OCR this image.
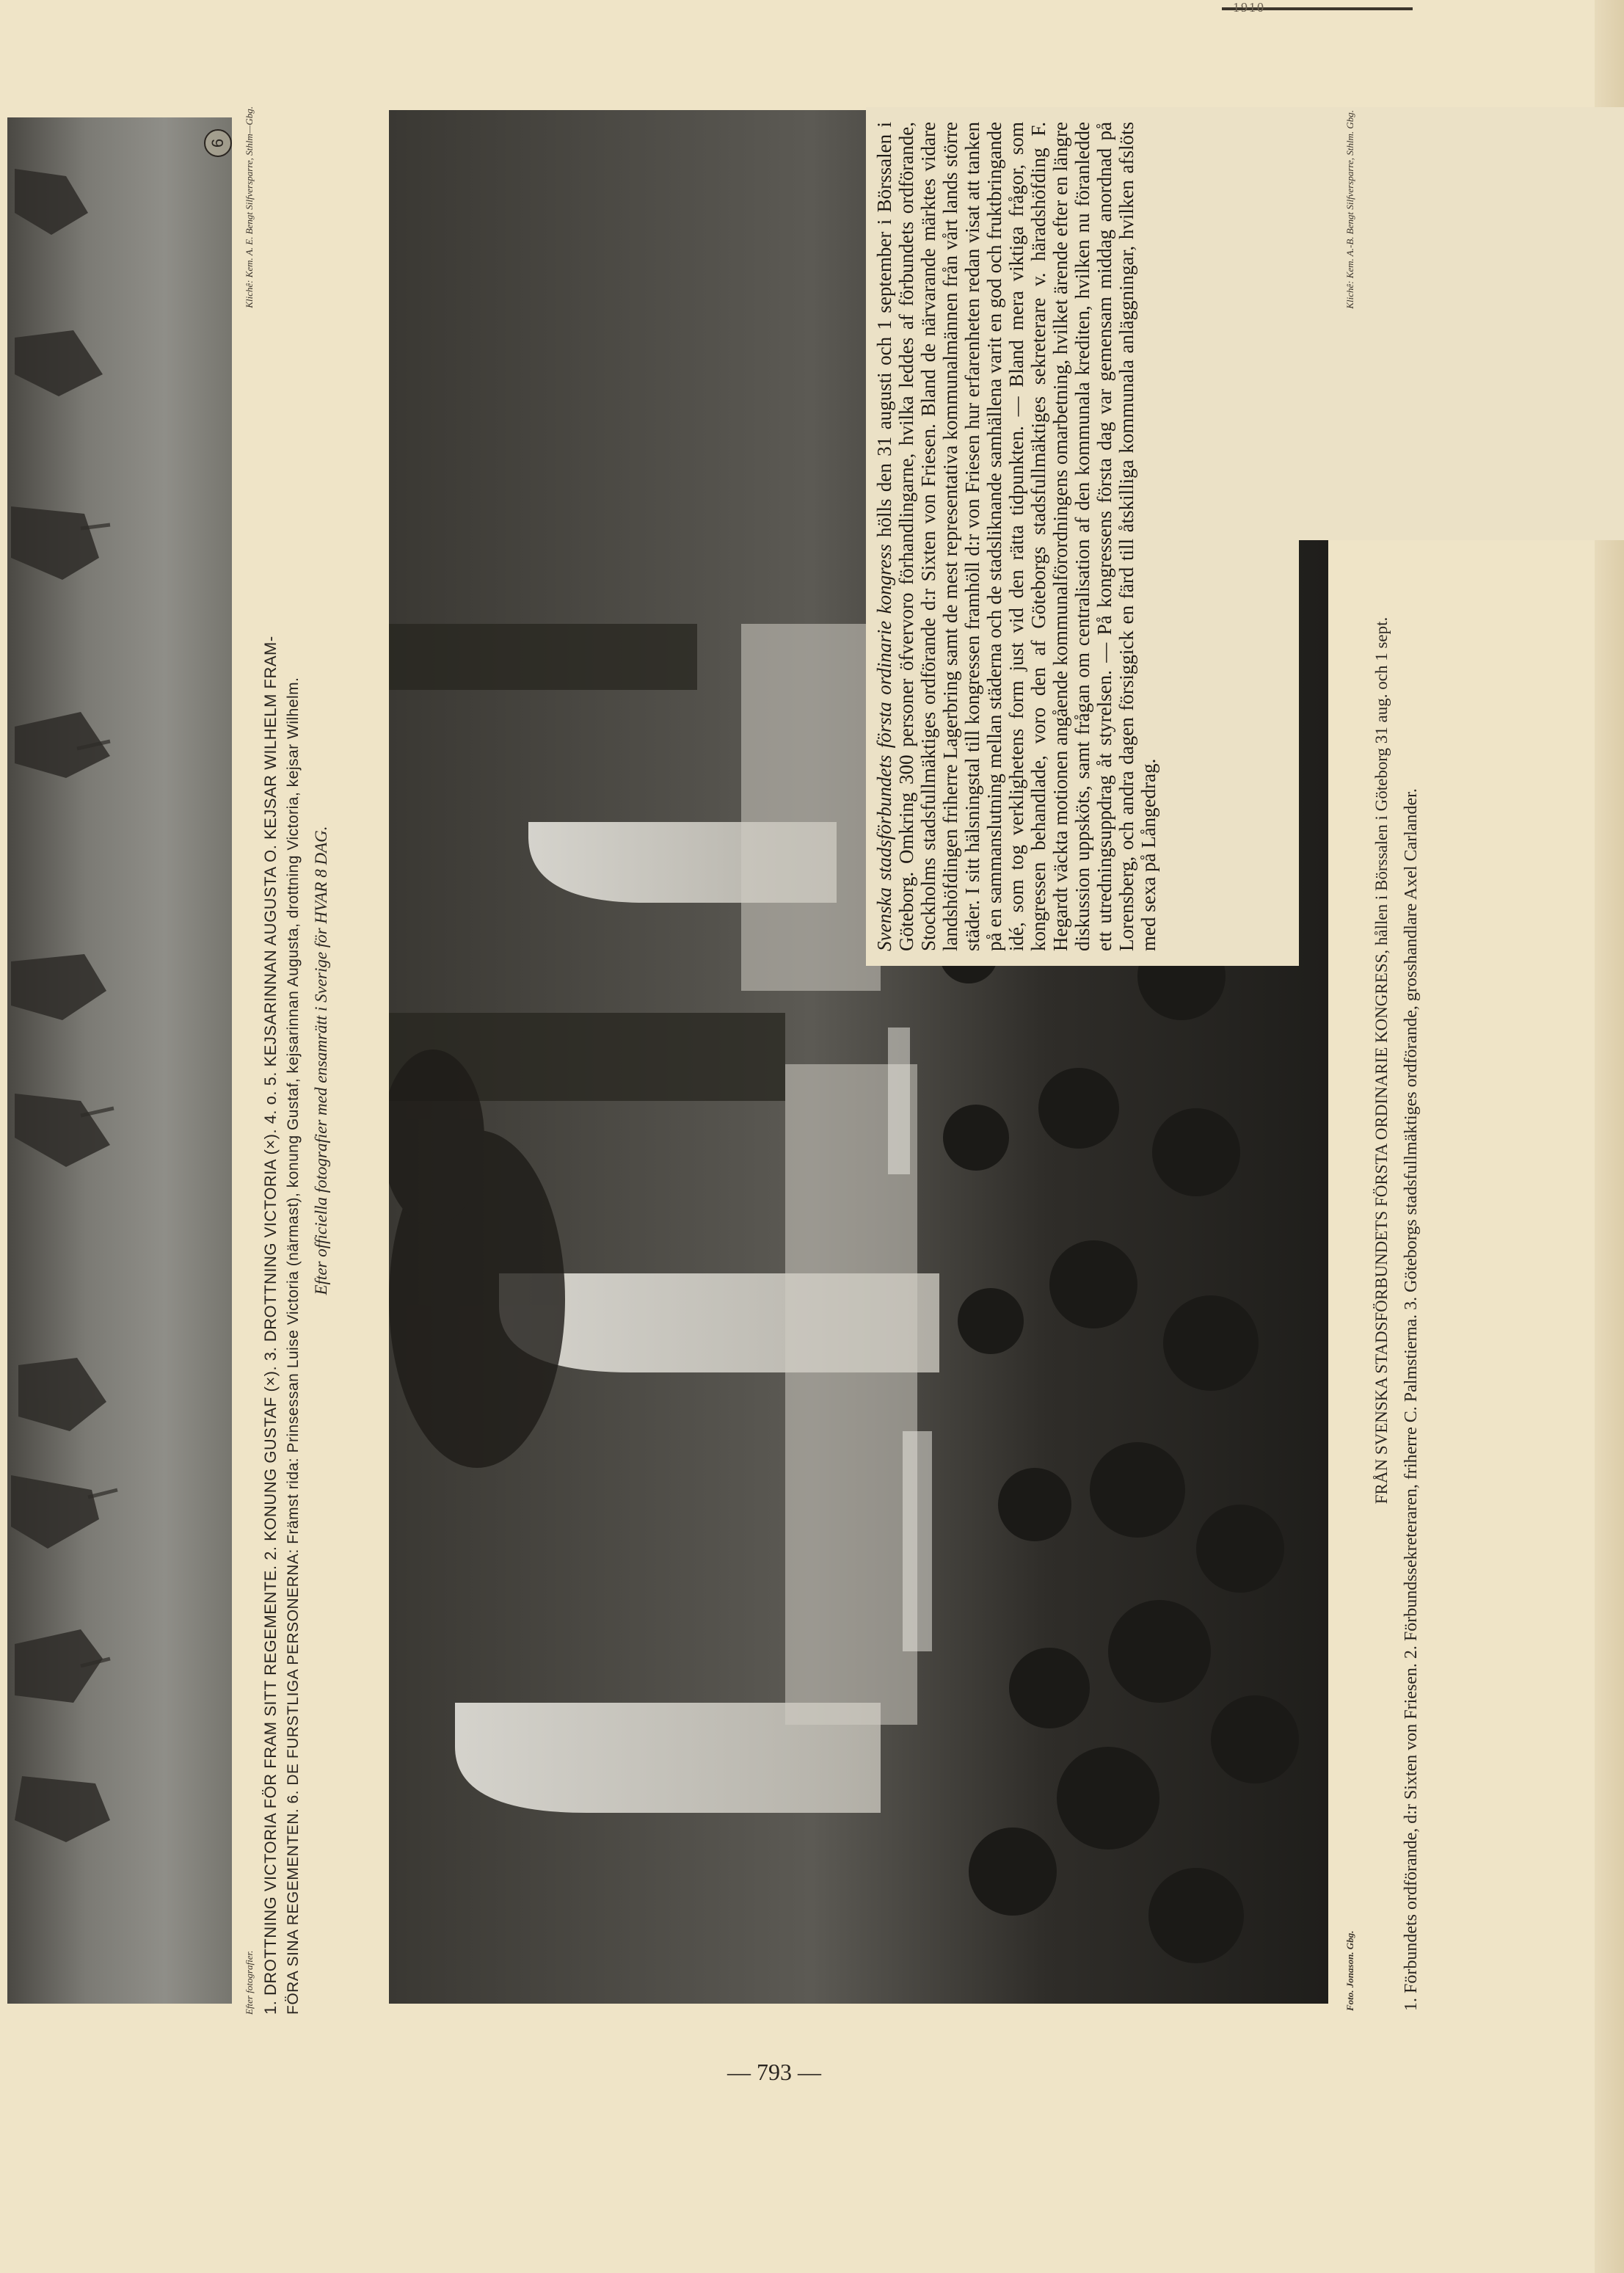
6
Svenska stadsförbundets första ordinarie kongress hölls den 31 augusti och 1 september i Börssalen i Göteborg. Omkring 300 personer öfvervoro förhandlingarne, hvilka leddes af förbundets ordförande, Stockholms stadsfullmäktiges ordförande d:r Sixten von Friesen. Bland de närvarande märktes vidare landshöfdingen friherre Lagerbring samt de mest representativa kommunalmännen från vårt lands större städer. I sitt hälsningstal till kongressen framhöll d:r von Friesen hur erfarenheten redan visat att tanken på en sammanslutning mellan städerna och de stadsliknande samhällena varit en god och fruktbringande idé, som tog verklighetens form just vid den rätta tidpunkten. — Bland mera viktiga frågor, som kongressen behandlade, voro den af Göteborgs stadsfullmäktiges sekreterare v. häradshöfding F. Hegardt väckta motionen angående kommunalförordningens omarbetning, hvilket ärende efter en längre diskussion uppsköts, samt frågan om centralisation af den kommunala krediten, hvilken nu föranledde ett utredningsuppdrag åt styrelsen. — På kongressens första dag var gemensam middag anordnad på Lorensberg, och andra dagen försiggick en färd till åtskilliga kommunala anläggningar, hvilken afslöts med sexa på Långedrag.
Efter fotografier.
Klichê: Kem. A. E. Bengt Silfversparre, Sthlm—Gbg.
1. DROTTNING VICTORIA FÖR FRAM SITT REGEMENTE. 2. KONUNG GUSTAF (×). 3. DROTTNING VICTORIA (×). 4. o. 5. KEJSARINNAN AUGUSTA O. KEJSAR WILHELM FRAM- FÖRA SINA REGEMENTEN. 6. DE FURSTLIGA PERSONERNA: Främst rida: Prinsessan Luise Victoria (närmast), konung Gustaf, kejsarinnan Augusta, drottning Victoria, kejsar Wilhelm. Efter officiella fotografier med ensamrätt i Sverige för HVAR 8 DAG.
Foto. Jonason. Gbg.
Klichê: Kem. A.-B. Bengt Silfversparre, Sthlm. Gbg.
FRÅN SVENSKA STADSFÖRBUNDETS FÖRSTA ORDINARIE KONGRESS, hållen i Börssalen i Göteborg 31 aug. och 1 sept. 1. Förbundets ordförande, d:r Sixten von Friesen. 2. Förbundssekreteraren, friherre C. Palmstierna. 3. Göteborgs stadsfullmäktiges ordförande, grosshandlare Axel Carlander.
— 793 —
1910
